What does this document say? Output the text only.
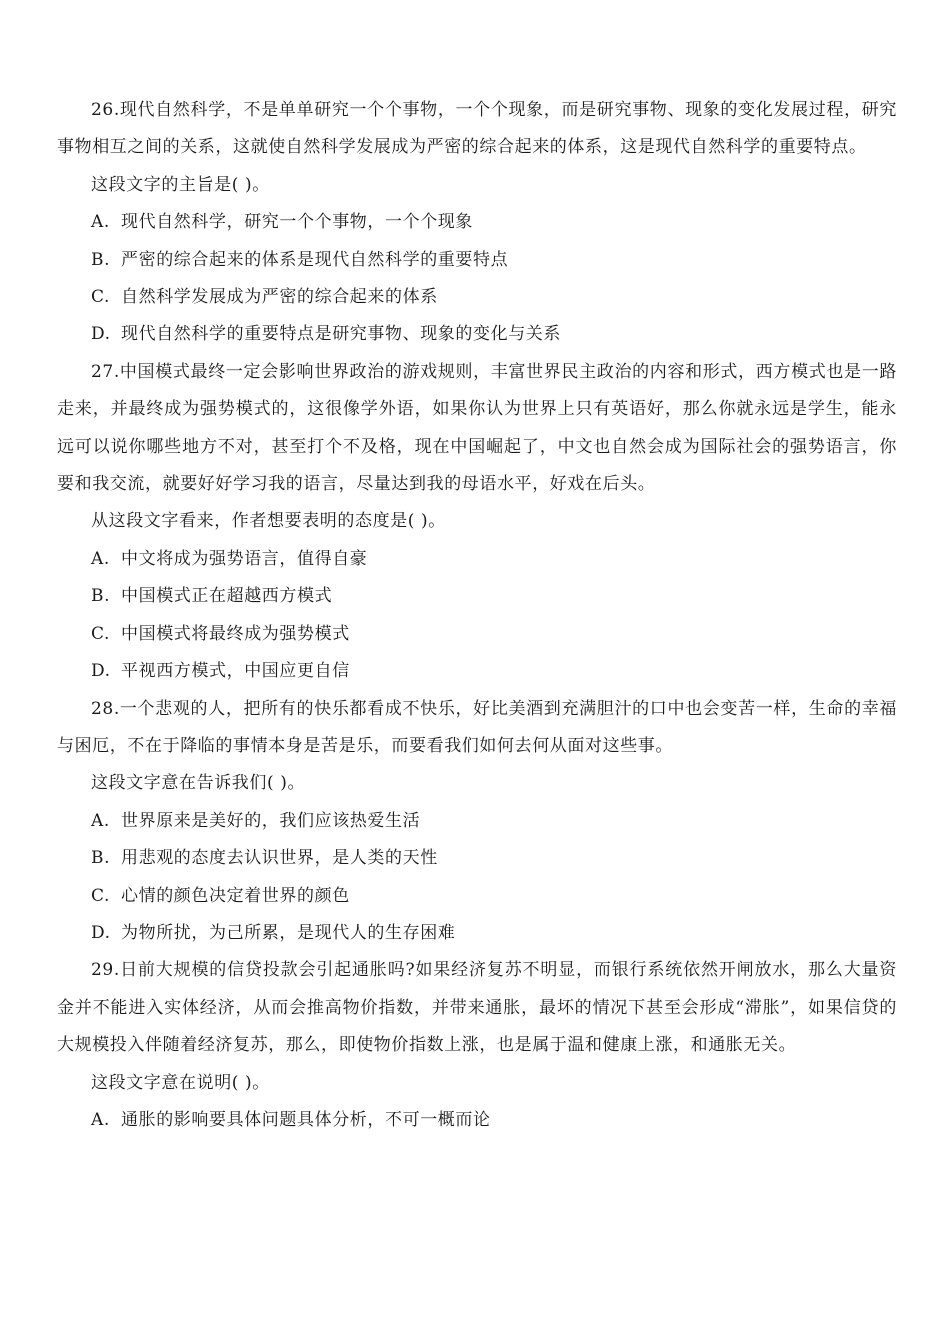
26.现代自然科学，不是单单研究一个个事物，一个个现象，而是研究事物、现象的变化发展过程，研究事物相互之间的关系，这就使自然科学发展成为严密的综合起来的体系，这是现代自然科学的重要特点。

这段文字的主旨是( )。

A. 现代自然科学，研究一个个事物，一个个现象

B. 严密的综合起来的体系是现代自然科学的重要特点

C. 自然科学发展成为严密的综合起来的体系

D. 现代自然科学的重要特点是研究事物、现象的变化与关系

27.中国模式最终一定会影响世界政治的游戏规则，丰富世界民主政治的内容和形式，西方模式也是一路走来，并最终成为强势模式的，这很像学外语，如果你认为世界上只有英语好，那么你就永远是学生，能永远可以说你哪些地方不对，甚至打个不及格，现在中国崛起了，中文也自然会成为国际社会的强势语言，你要和我交流，就要好好学习我的语言，尽量达到我的母语水平，好戏在后头。

从这段文字看来，作者想要表明的态度是( )。

A. 中文将成为强势语言，值得自豪

B. 中国模式正在超越西方模式

C. 中国模式将最终成为强势模式

D. 平视西方模式，中国应更自信

28.一个悲观的人，把所有的快乐都看成不快乐，好比美酒到充满胆汁的口中也会变苦一样，生命的幸福与困厄，不在于降临的事情本身是苦是乐，而要看我们如何去何从面对这些事。

这段文字意在告诉我们( )。

A. 世界原来是美好的，我们应该热爱生活

B. 用悲观的态度去认识世界，是人类的天性

C. 心情的颜色决定着世界的颜色

D. 为物所扰，为己所累，是现代人的生存困难

29.日前大规模的信贷投款会引起通胀吗?如果经济复苏不明显，而银行系统依然开闸放水，那么大量资金并不能进入实体经济，从而会推高物价指数，并带来通胀，最坏的情况下甚至会形成“滞胀”，如果信贷的大规模投入伴随着经济复苏，那么，即使物价指数上涨，也是属于温和健康上涨，和通胀无关。

这段文字意在说明( )。

A. 通胀的影响要具体问题具体分析，不可一概而论
